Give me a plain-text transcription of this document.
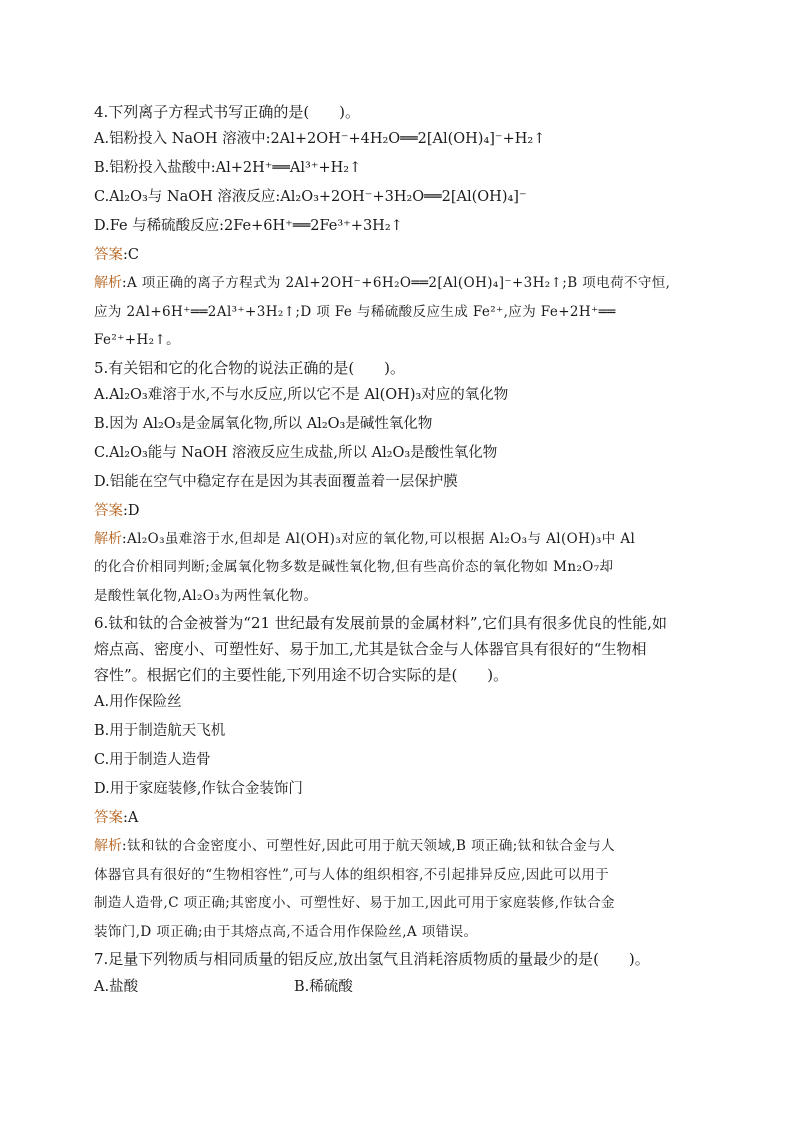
4.下列离子方程式书写正确的是(　　)。

A.铝粉投入 NaOH 溶液中:2Al+2OH⁻+4H₂O══2[Al(OH)₄]⁻+H₂↑

B.铝粉投入盐酸中:Al+2H⁺══Al³⁺+H₂↑

C.Al₂O₃与 NaOH 溶液反应:Al₂O₃+2OH⁻+3H₂O══2[Al(OH)₄]⁻

D.Fe 与稀硫酸反应:2Fe+6H⁺══2Fe³⁺+3H₂↑

答案:C

解析:A 项正确的离子方程式为 2Al+2OH⁻+6H₂O══2[Al(OH)₄]⁻+3H₂↑;B 项电荷不守恒,

应为 2Al+6H⁺══2Al³⁺+3H₂↑;D 项 Fe 与稀硫酸反应生成 Fe²⁺,应为 Fe+2H⁺══

Fe²⁺+H₂↑。

5.有关铝和它的化合物的说法正确的是(　　)。

A.Al₂O₃难溶于水,不与水反应,所以它不是 Al(OH)₃对应的氧化物

B.因为 Al₂O₃是金属氧化物,所以 Al₂O₃是碱性氧化物

C.Al₂O₃能与 NaOH 溶液反应生成盐,所以 Al₂O₃是酸性氧化物

D.铝能在空气中稳定存在是因为其表面覆盖着一层保护膜

答案:D

解析:Al₂O₃虽难溶于水,但却是 Al(OH)₃对应的氧化物,可以根据 Al₂O₃与 Al(OH)₃中 Al

的化合价相同判断;金属氧化物多数是碱性氧化物,但有些高价态的氧化物如 Mn₂O₇却

是酸性氧化物,Al₂O₃为两性氧化物。

6.钛和钛的合金被誉为“21 世纪最有发展前景的金属材料”,它们具有很多优良的性能,如

熔点高、密度小、可塑性好、易于加工,尤其是钛合金与人体器官具有很好的“生物相

容性”。根据它们的主要性能,下列用途不切合实际的是(　　)。

A.用作保险丝

B.用于制造航天飞机

C.用于制造人造骨

D.用于家庭装修,作钛合金装饰门

答案:A

解析:钛和钛的合金密度小、可塑性好,因此可用于航天领域,B 项正确;钛和钛合金与人

体器官具有很好的“生物相容性”,可与人体的组织相容,不引起排异反应,因此可以用于

制造人造骨,C 项正确;其密度小、可塑性好、易于加工,因此可用于家庭装修,作钛合金

装饰门,D 项正确;由于其熔点高,不适合用作保险丝,A 项错误。

7.足量下列物质与相同质量的铝反应,放出氢气且消耗溶质物质的量最少的是(　　)。

A.盐酸	B.稀硫酸
